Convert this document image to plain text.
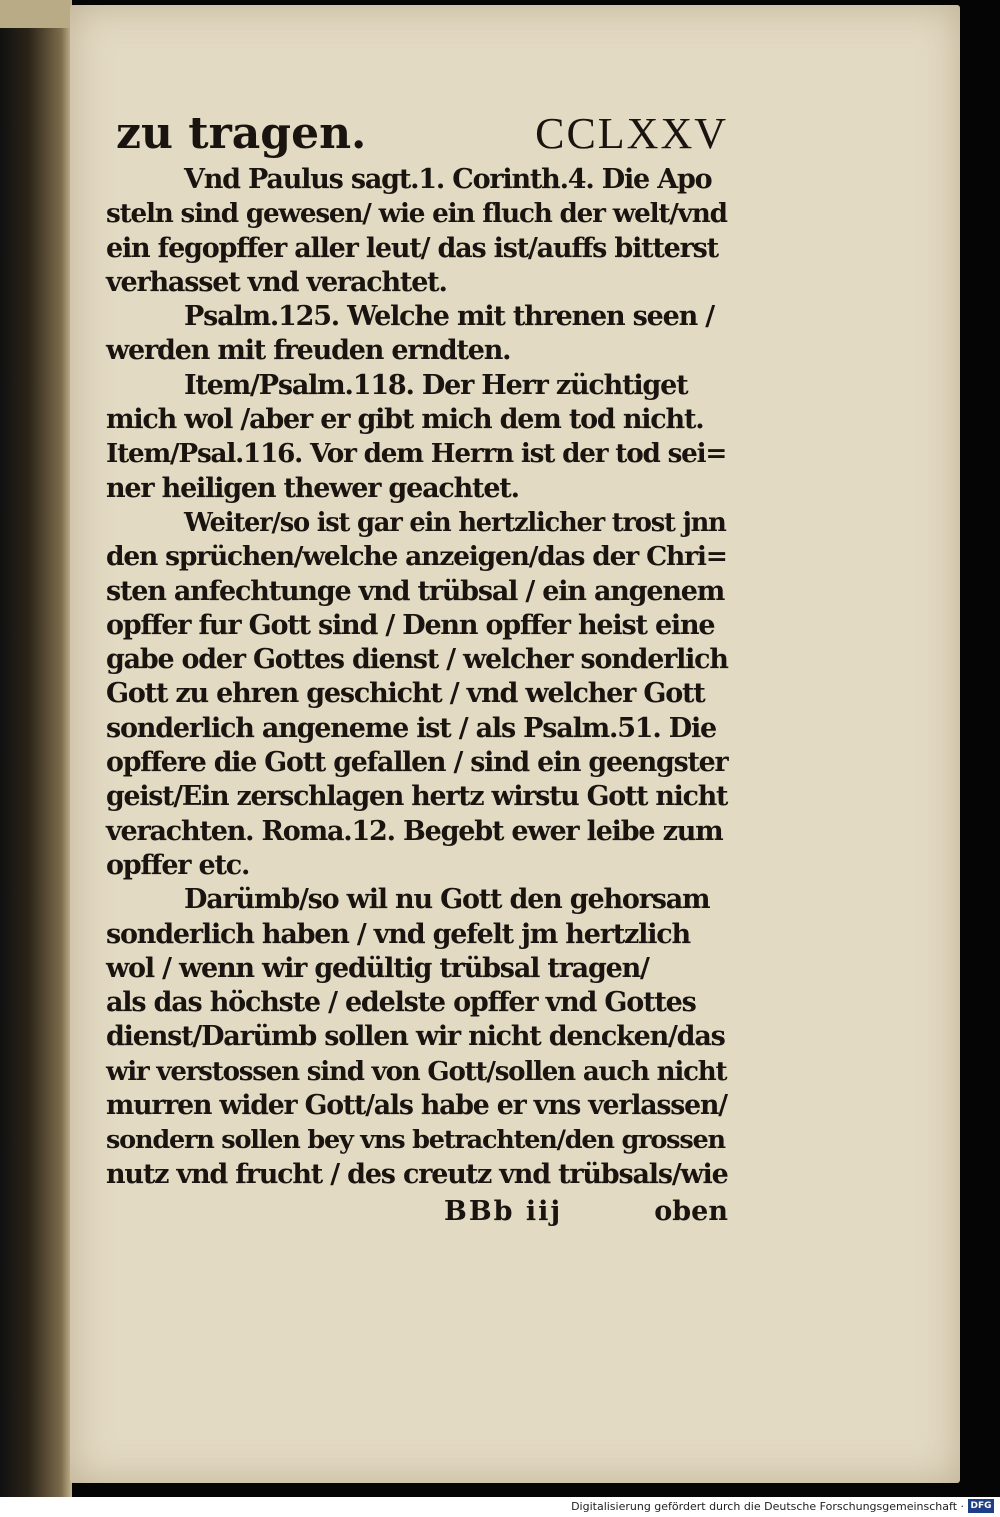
zu tragen.	CCLXXV
Vnd Paulus sagt.1. Corinth.4. Die Apo
steln sind gewesen/ wie ein fluch der welt/vnd
ein fegopffer aller leut/ das ist/auffs bitterst
verhasset vnd verachtet.
Psalm.125. Welche mit threnen seen /
werden mit freuden erndten.
Item/Psalm.118. Der Herr züchtiget
mich wol /aber er gibt mich dem tod nicht.
Item/Psal.116. Vor dem Herrn ist der tod sei=
ner heiligen thewer geachtet.
Weiter/so ist gar ein hertzlicher trost jnn
den sprüchen/welche anzeigen/das der Chri=
sten anfechtunge vnd trübsal / ein angenem
opffer fur Gott sind / Denn opffer heist eine
gabe oder Gottes dienst / welcher sonderlich
Gott zu ehren geschicht / vnd welcher Gott
sonderlich angeneme ist / als Psalm.51. Die
opffere die Gott gefallen / sind ein geengster
geist/Ein zerschlagen hertz wirstu Gott nicht
verachten. Roma.12. Begebt ewer leibe zum
opffer etc.
Darümb/so wil nu Gott den gehorsam
sonderlich haben / vnd gefelt jm hertzlich
wol / wenn wir gedültig trübsal tragen/
als das höchste / edelste opffer vnd Gottes
dienst/Darümb sollen wir nicht dencken/das
wir verstossen sind von Gott/sollen auch nicht
murren wider Gott/als habe er vns verlassen/
sondern sollen bey vns betrachten/den grossen
nutz vnd frucht / des creutz vnd trübsals/wie
BBb iij	oben
Digitalisierung gefördert durch die Deutsche Forschungsgemeinschaft · DFG
